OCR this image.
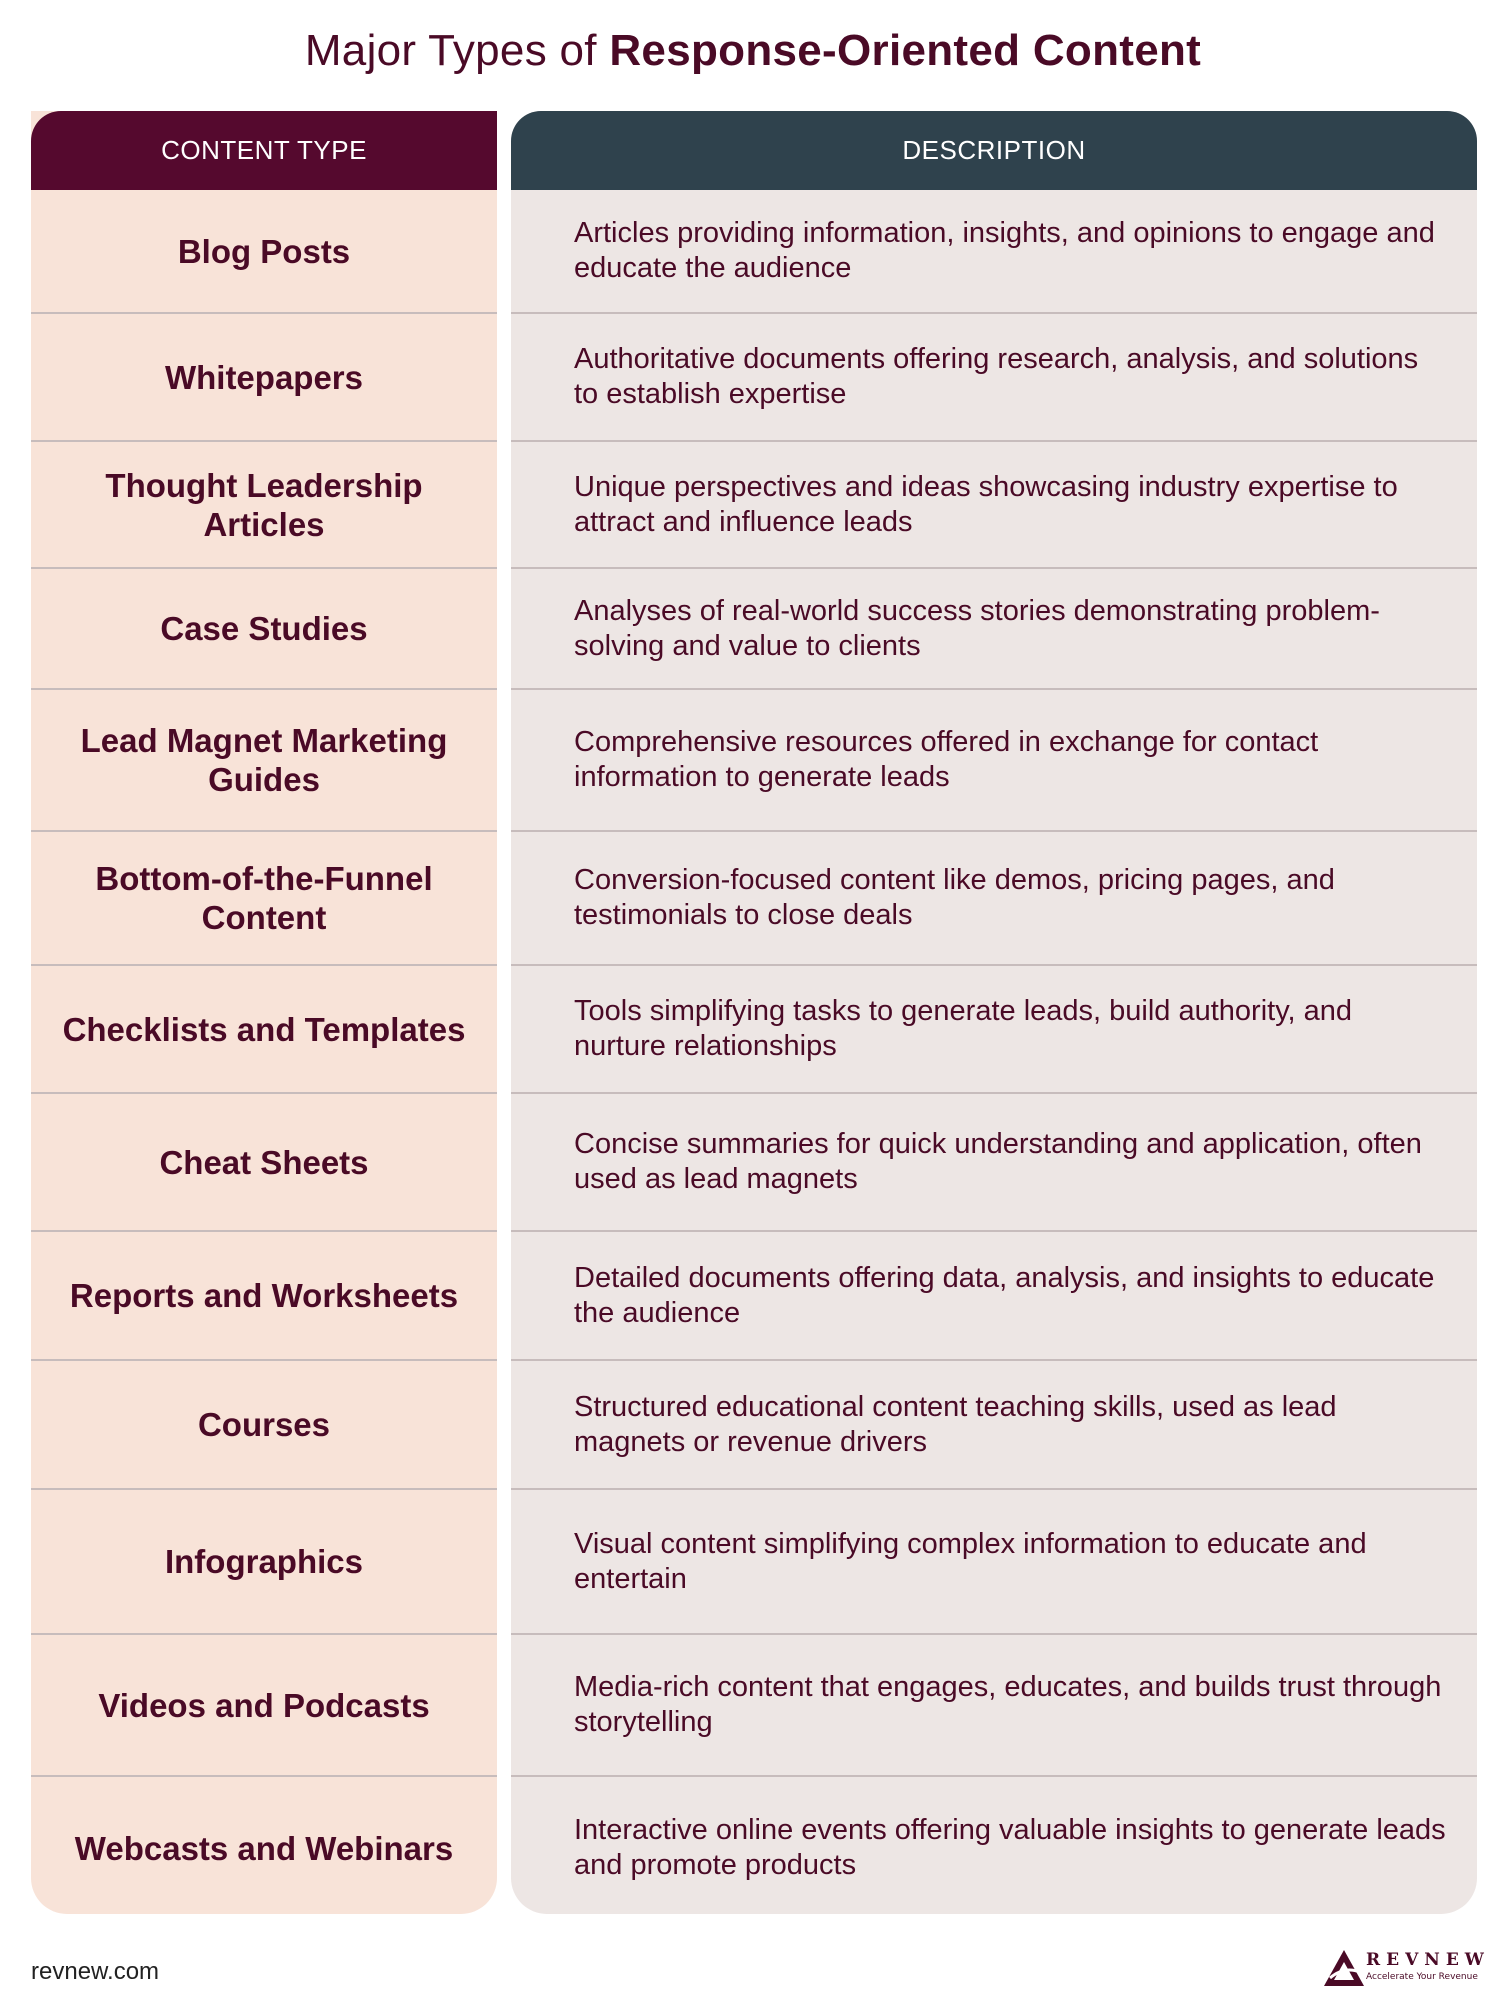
Major Types of Response-Oriented Content
CONTENT TYPE
Blog Posts
Whitepapers
Thought Leadership Articles
Case Studies
Lead Magnet Marketing Guides
Bottom-of-the-Funnel Content
Checklists and Templates
Cheat Sheets
Reports and Worksheets
Courses
Infographics
Videos and Podcasts
Webcasts and Webinars
DESCRIPTION
Articles providing information, insights, and opinions to engage and educate the audience
Authoritative documents offering research, analysis, and solutions to establish expertise
Unique perspectives and ideas showcasing industry expertise to attract and influence leads
Analyses of real-world success stories demonstrating problem-solving and value to clients
Comprehensive resources offered in exchange for contact information to generate leads
Conversion-focused content like demos, pricing pages, and testimonials to close deals
Tools simplifying tasks to generate leads, build authority, and nurture relationships
Concise summaries for quick understanding and application, often used as lead magnets
Detailed documents offering data, analysis, and insights to educate the audience
Structured educational content teaching skills, used as lead magnets or revenue drivers
Visual content simplifying complex information to educate and entertain
Media-rich content that engages, educates, and builds trust through storytelling
Interactive online events offering valuable insights to generate leads and promote products
revnew.com	REVNEW
Accelerate Your Revenue
